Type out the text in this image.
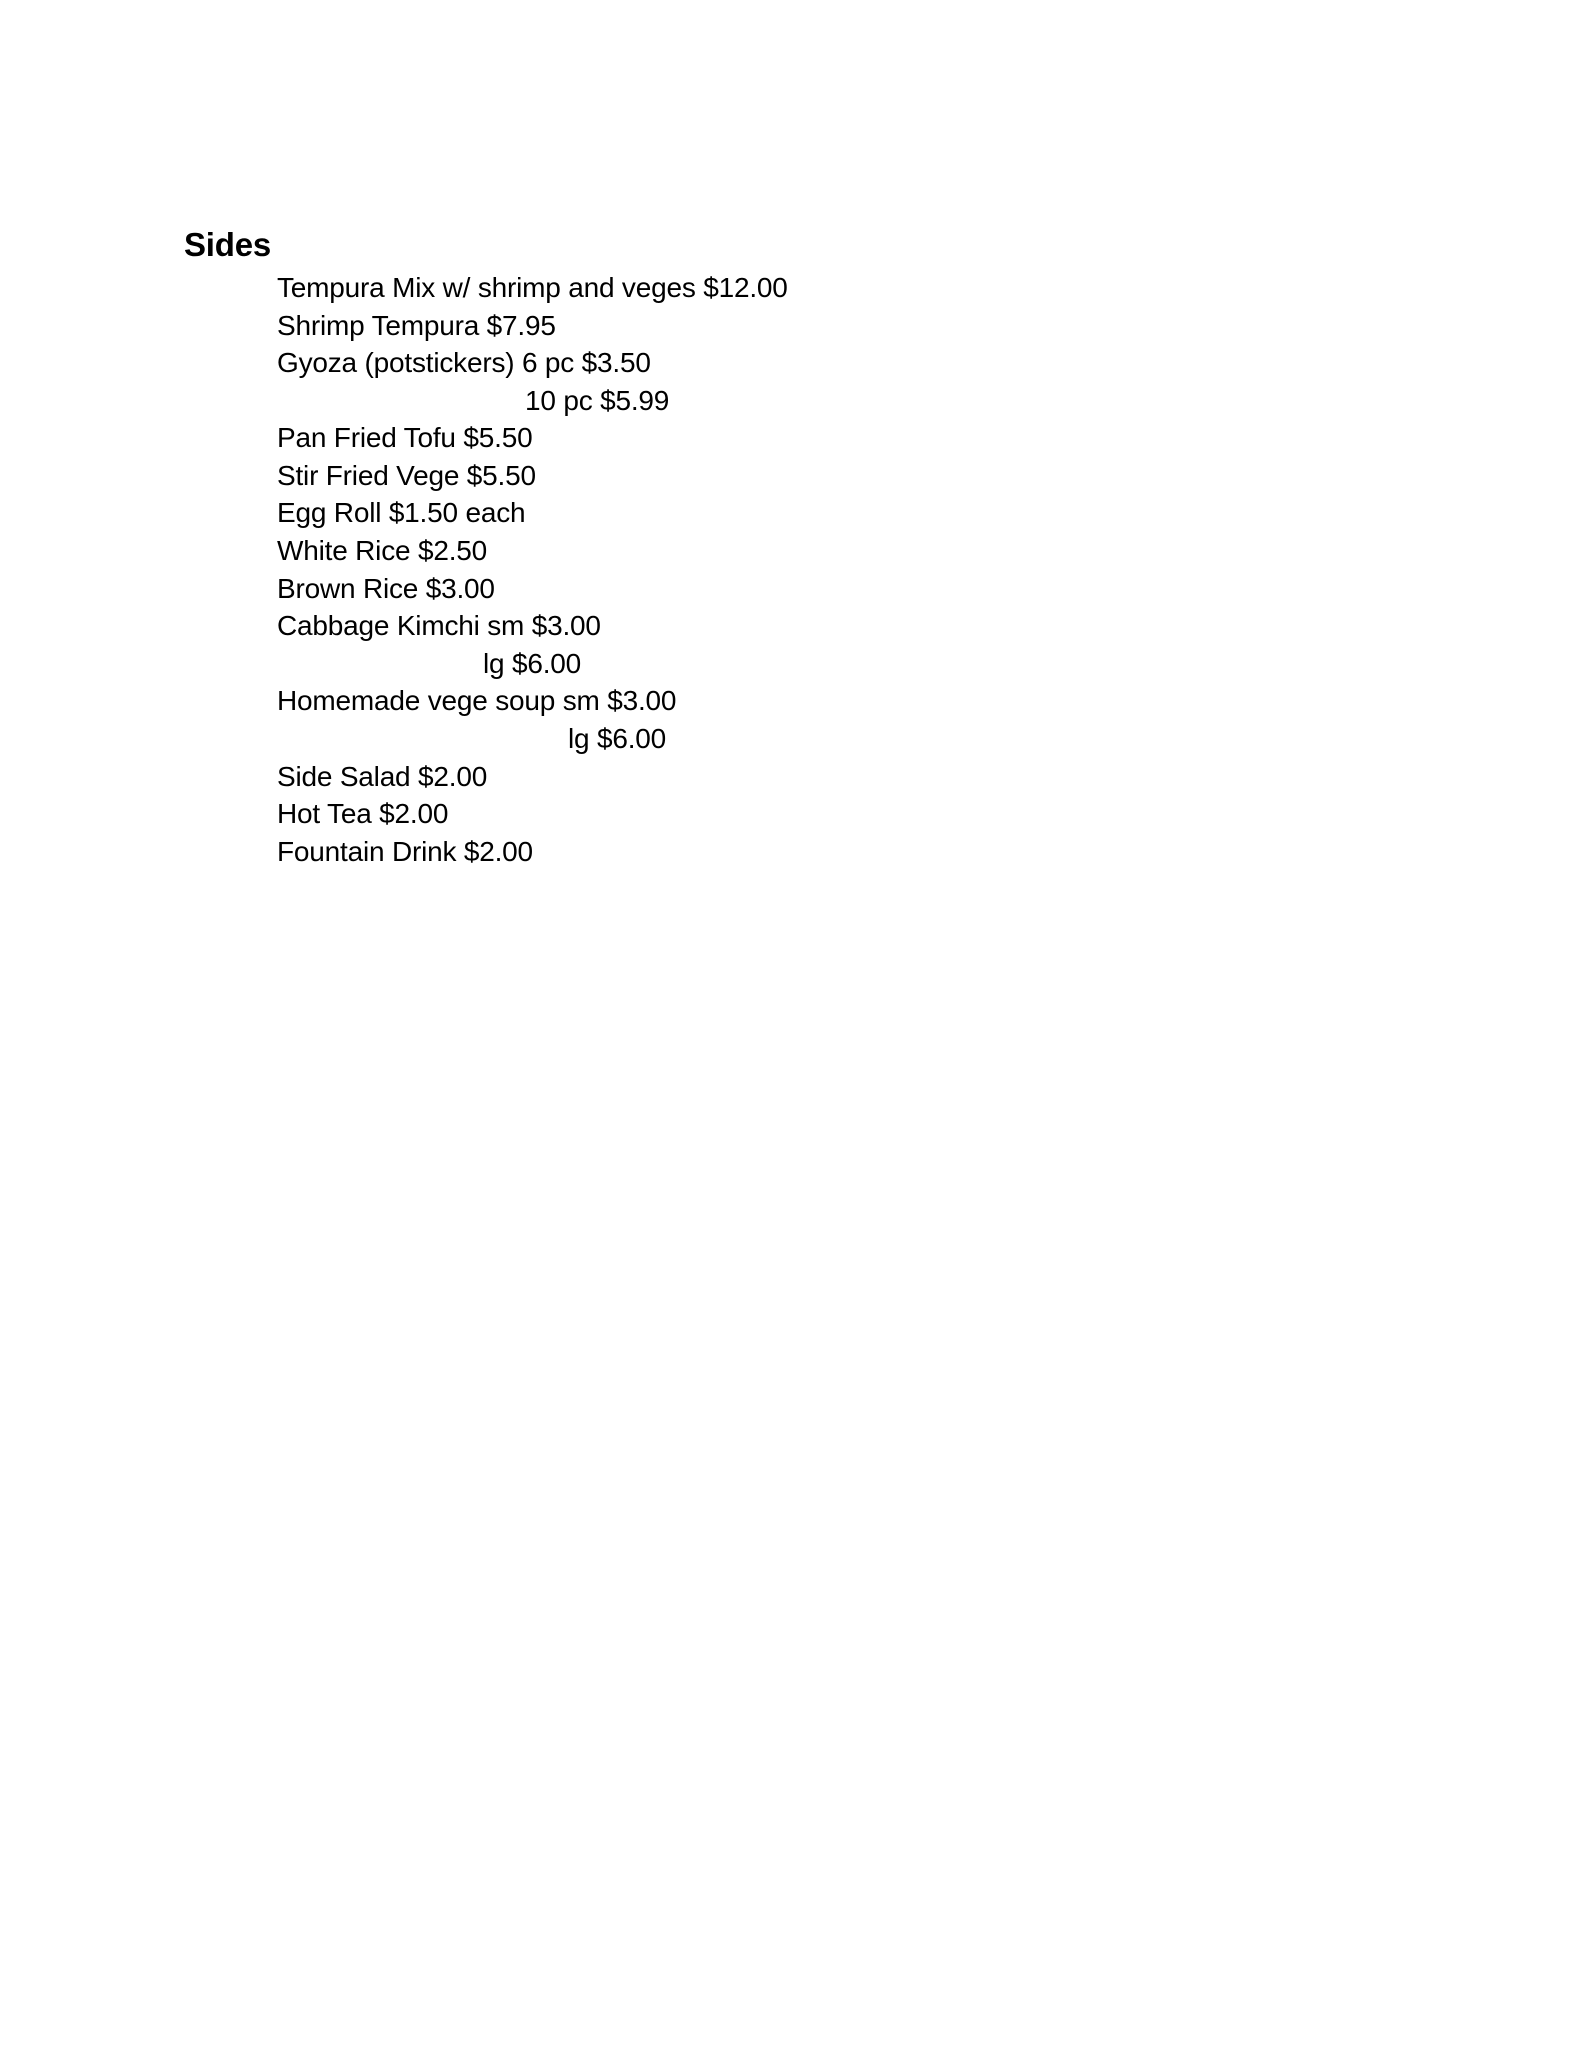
Sides
Tempura Mix w/ shrimp and veges $12.00
Shrimp Tempura $7.95
Gyoza (potstickers) 6 pc $3.50
10 pc $5.99
Pan Fried Tofu $5.50
Stir Fried Vege $5.50
Egg Roll $1.50 each
White Rice $2.50
Brown Rice $3.00
Cabbage Kimchi sm $3.00
lg $6.00
Homemade vege soup sm $3.00
lg $6.00
Side Salad $2.00
Hot Tea $2.00
Fountain Drink $2.00
